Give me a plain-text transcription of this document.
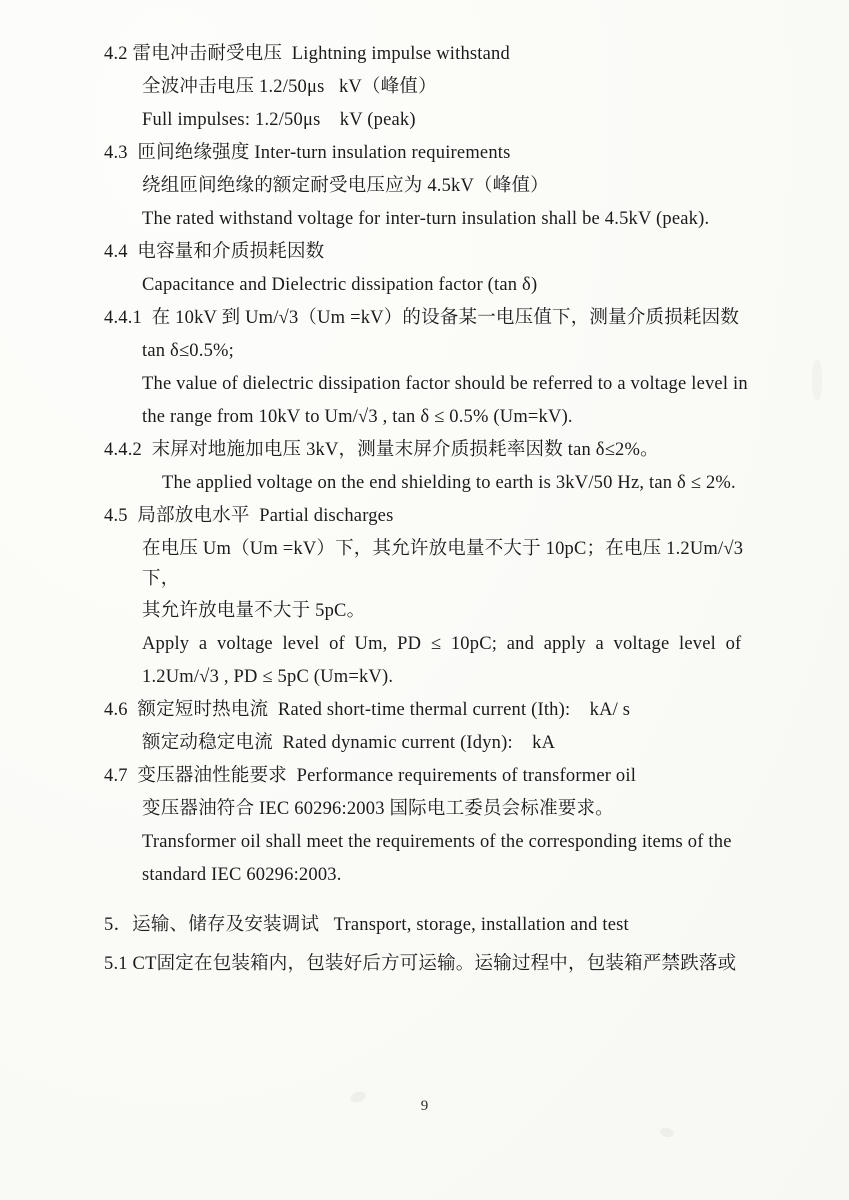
4.2 雷电冲击耐受电压  Lightning impulse withstand
全波冲击电压 1.2/50μs   kV（峰值）
Full impulses: 1.2/50μs    kV (peak)
4.3  匝间绝缘强度 Inter-turn insulation requirements
绕组匝间绝缘的额定耐受电压应为 4.5kV（峰值）
The rated withstand voltage for inter-turn insulation shall be 4.5kV (peak).
4.4  电容量和介质损耗因数
Capacitance and Dielectric dissipation factor (tan δ)
4.4.1  在 10kV 到 Um/√3（Um =kV）的设备某一电压值下，测量介质损耗因数
tan δ≤0.5%;
The value of dielectric dissipation factor should be referred to a voltage level in
the range from 10kV to Um/√3 , tan δ ≤ 0.5% (Um=kV).
4.4.2  末屏对地施加电压 3kV，测量末屏介质损耗率因数 tan δ≤2%。
The applied voltage on the end shielding to earth is 3kV/50 Hz, tan δ ≤ 2%.
4.5  局部放电水平  Partial discharges
在电压 Um（Um =kV）下，其允许放电量不大于 10pC；在电压 1.2Um/√3 下，
其允许放电量不大于 5pC。
Apply  a  voltage  level  of  Um,  PD  ≤  10pC;  and  apply  a  voltage  level  of
1.2Um/√3 , PD ≤ 5pC (Um=kV).
4.6  额定短时热电流  Rated short-time thermal current (Ith):    kA/ s
额定动稳定电流  Rated dynamic current (Idyn):    kA
4.7  变压器油性能要求  Performance requirements of transformer oil
变压器油符合 IEC 60296:2003 国际电工委员会标准要求。
Transformer oil shall meet the requirements of the corresponding items of the
standard IEC 60296:2003.
5．运输、储存及安装调试   Transport, storage, installation and test
5.1 CT固定在包装箱内，包装好后方可运输。运输过程中，包装箱严禁跌落或
9
